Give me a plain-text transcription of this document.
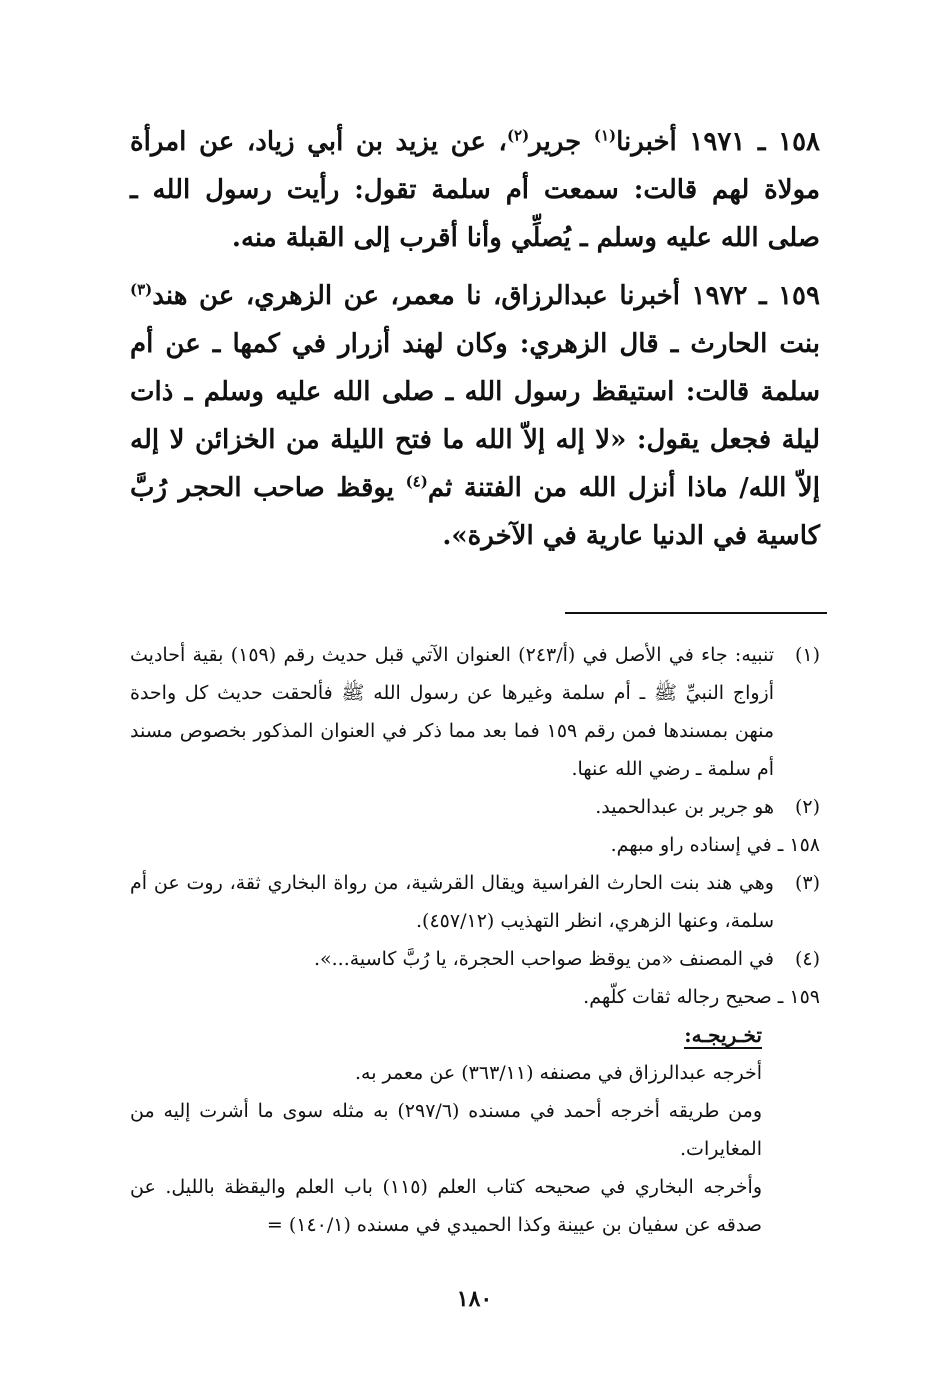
١٥٨ ـ ١٩٧١ أخبرنا$^{(١)}$ جرير$^{(٢)}$، عن يزيد بن أبي زياد، عن امرأة مولاة لهم قالت: سمعت أم سلمة تقول: رأيت رسول الله ـ صلى الله عليه وسلم ـ يُصلِّي وأنا أقرب إلى القبلة منه.

١٥٩ ـ ١٩٧٢ أخبرنا عبدالرزاق، نا معمر، عن الزهري، عن هند$^{(٣)}$ بنت الحارث ـ قال الزهري: وكان لهند أزرار في كمها ـ عن أم سلمة قالت: استيقظ رسول الله ـ صلى الله عليه وسلم ـ ذات ليلة فجعل يقول: «لا إله إلاّ الله ما فتح الليلة من الخزائن لا إله إلاّ الله/ ماذا أنزل الله من الفتنة ثم$^{(٤)}$ يوقظ صاحب الحجر رُبَّ كاسية في الدنيا عارية في الآخرة».

(١)
تنبيه: جاء في الأصل في (أ/٢٤٣) العنوان الآتي قبل حديث رقم (١٥٩) بقية أحاديث أزواج النبيِّ ﷺ ـ أم سلمة وغيرها عن رسول الله ﷺ فألحقت حديث كل واحدة منهن بمسندها فمن رقم ١٥٩ فما بعد مما ذكر في العنوان المذكور بخصوص مسند أم سلمة ـ رضي الله عنها.
(٢)
هو جرير بن عبدالحميد.

١٥٨ ـ في إسناده راو مبهم.

(٣)
وهي هند بنت الحارث الفراسية ويقال القرشية، من رواة البخاري ثقة، روت عن أم سلمة، وعنها الزهري، انظر التهذيب (٤٥٧/١٢).
(٤)
في المصنف «من يوقظ صواحب الحجرة، يا رُبَّ كاسية...».

١٥٩ ـ صحيح رجاله ثقات كلّهم.

تخـريجـه:

أخرجه عبدالرزاق في مصنفه (٣٦٣/١١) عن معمر به.

ومن طريقه أخرجه أحمد في مسنده (٢٩٧/٦) به مثله سوى ما أشرت إليه من المغايرات.

وأخرجه البخاري في صحيحه كتاب العلم (١١٥) باب العلم واليقظة بالليل. عن صدقه عن سفيان بن عيينة وكذا الحميدي في مسنده (١٤٠/١) =

١٨٠
